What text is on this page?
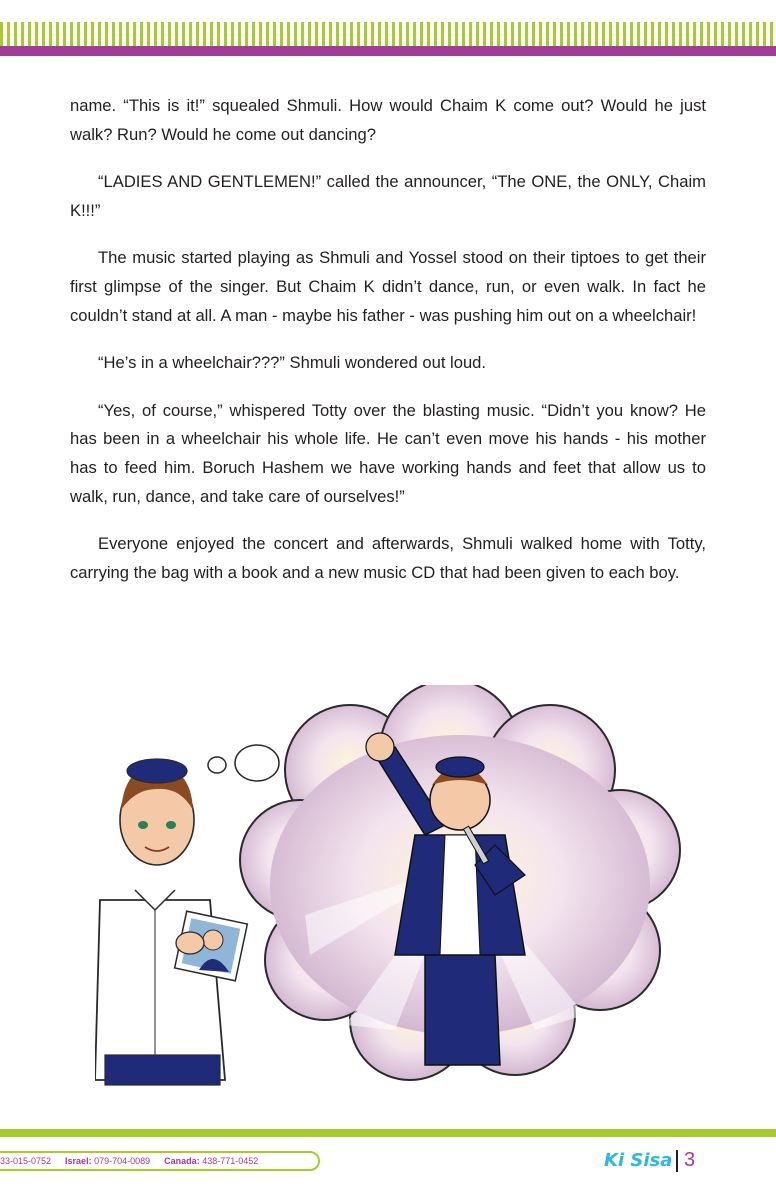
name. “This is it!” squealed Shmuli. How would Chaim K come out? Would he just walk? Run? Would he come out dancing?

“LADIES AND GENTLEMEN!” called the announcer, “The ONE, the ONLY, Chaim K!!!”

The music started playing as Shmuli and Yossel stood on their tiptoes to get their first glimpse of the singer. But Chaim K didn’t dance, run, or even walk. In fact he couldn’t stand at all. A man - maybe his father - was pushing him out on a wheelchair!

“He’s in a wheelchair???” Shmuli wondered out loud.

“Yes, of course,” whispered Totty over the blasting music. “Didn’t you know? He has been in a wheelchair his whole life. He can’t even move his hands - his mother has to feed him. Boruch Hashem we have working hands and feet that allow us to walk, run, dance, and take care of ourselves!”

Everyone enjoyed the concert and afterwards, Shmuli walked home with Totty, carrying the bag with a book and a new music CD that had been given to each boy.

33-015-0752 Israel: 079-704-0089 Canada: 438-771-0452	Ki Sisa 3
